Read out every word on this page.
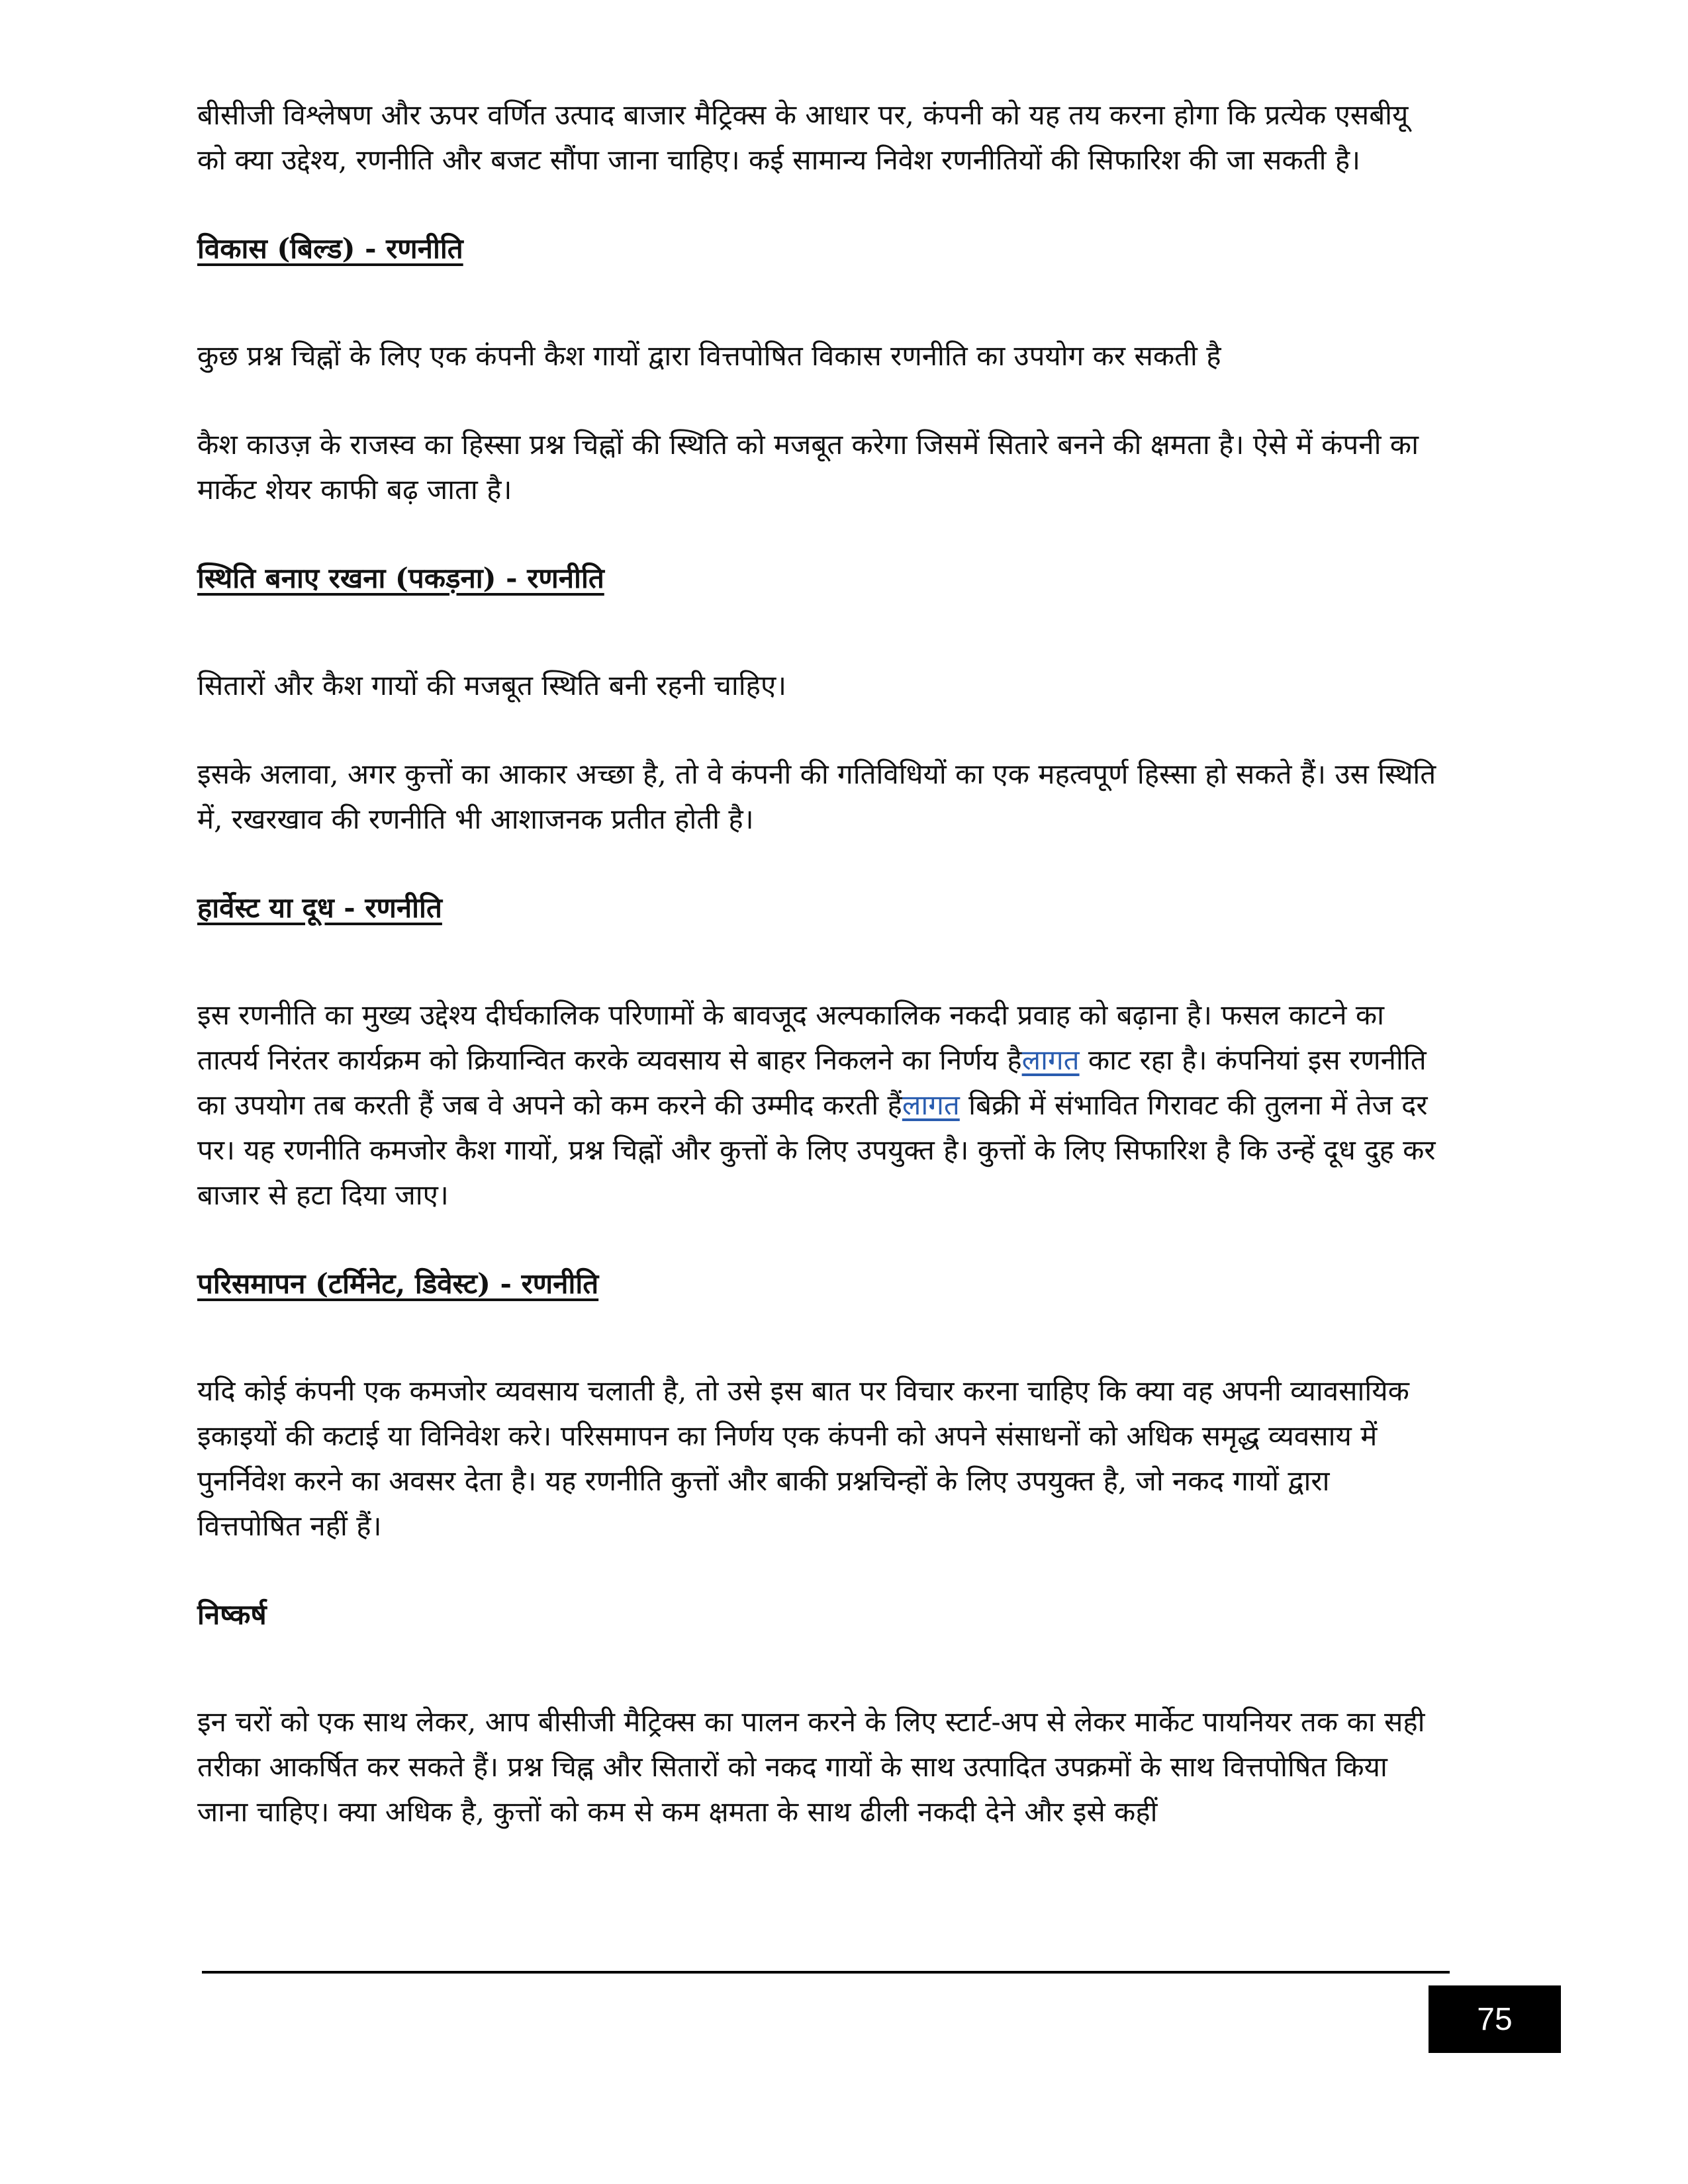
बीसीजी विश्लेषण और ऊपर वर्णित उत्पाद बाजार मैट्रिक्स के आधार पर, कंपनी को यह तय करना होगा कि प्रत्येक एसबीयू को क्या उद्देश्य, रणनीति और बजट सौंपा जाना चाहिए। कई सामान्य निवेश रणनीतियों की सिफारिश की जा सकती है।

विकास (बिल्ड) - रणनीति

कुछ प्रश्न चिह्नों के लिए एक कंपनी कैश गायों द्वारा वित्तपोषित विकास रणनीति का उपयोग कर सकती है

कैश काउज़ के राजस्व का हिस्सा प्रश्न चिह्नों की स्थिति को मजबूत करेगा जिसमें सितारे बनने की क्षमता है। ऐसे में कंपनी का मार्केट शेयर काफी बढ़ जाता है।

स्थिति बनाए रखना (पकड़ना) - रणनीति

सितारों और कैश गायों की मजबूत स्थिति बनी रहनी चाहिए।

इसके अलावा, अगर कुत्तों का आकार अच्छा है, तो वे कंपनी की गतिविधियों का एक महत्वपूर्ण हिस्सा हो सकते हैं। उस स्थिति में, रखरखाव की रणनीति भी आशाजनक प्रतीत होती है।

हार्वेस्ट या दूध - रणनीति

इस रणनीति का मुख्य उद्देश्य दीर्घकालिक परिणामों के बावजूद अल्पकालिक नकदी प्रवाह को बढ़ाना है। फसल काटने का तात्पर्य निरंतर कार्यक्रम को क्रियान्वित करके व्यवसाय से बाहर निकलने का निर्णय हैलागत काट रहा है। कंपनियां इस रणनीति का उपयोग तब करती हैं जब वे अपने को कम करने की उम्मीद करती हैंलागत बिक्री में संभावित गिरावट की तुलना में तेज दर पर। यह रणनीति कमजोर कैश गायों, प्रश्न चिह्नों और कुत्तों के लिए उपयुक्त है। कुत्तों के लिए सिफारिश है कि उन्हें दूध दुह कर बाजार से हटा दिया जाए।

परिसमापन (टर्मिनेट, डिवेस्ट) - रणनीति

यदि कोई कंपनी एक कमजोर व्यवसाय चलाती है, तो उसे इस बात पर विचार करना चाहिए कि क्या वह अपनी व्यावसायिक इकाइयों की कटाई या विनिवेश करे। परिसमापन का निर्णय एक कंपनी को अपने संसाधनों को अधिक समृद्ध व्यवसाय में पुनर्निवेश करने का अवसर देता है। यह रणनीति कुत्तों और बाकी प्रश्नचिन्हों के लिए उपयुक्त है, जो नकद गायों द्वारा वित्तपोषित नहीं हैं।

निष्कर्ष

इन चरों को एक साथ लेकर, आप बीसीजी मैट्रिक्स का पालन करने के लिए स्टार्ट-अप से लेकर मार्केट पायनियर तक का सही तरीका आकर्षित कर सकते हैं। प्रश्न चिह्न और सितारों को नकद गायों के साथ उत्पादित उपक्रमों के साथ वित्तपोषित किया जाना चाहिए। क्या अधिक है, कुत्तों को कम से कम क्षमता के साथ ढीली नकदी देने और इसे कहीं

75
